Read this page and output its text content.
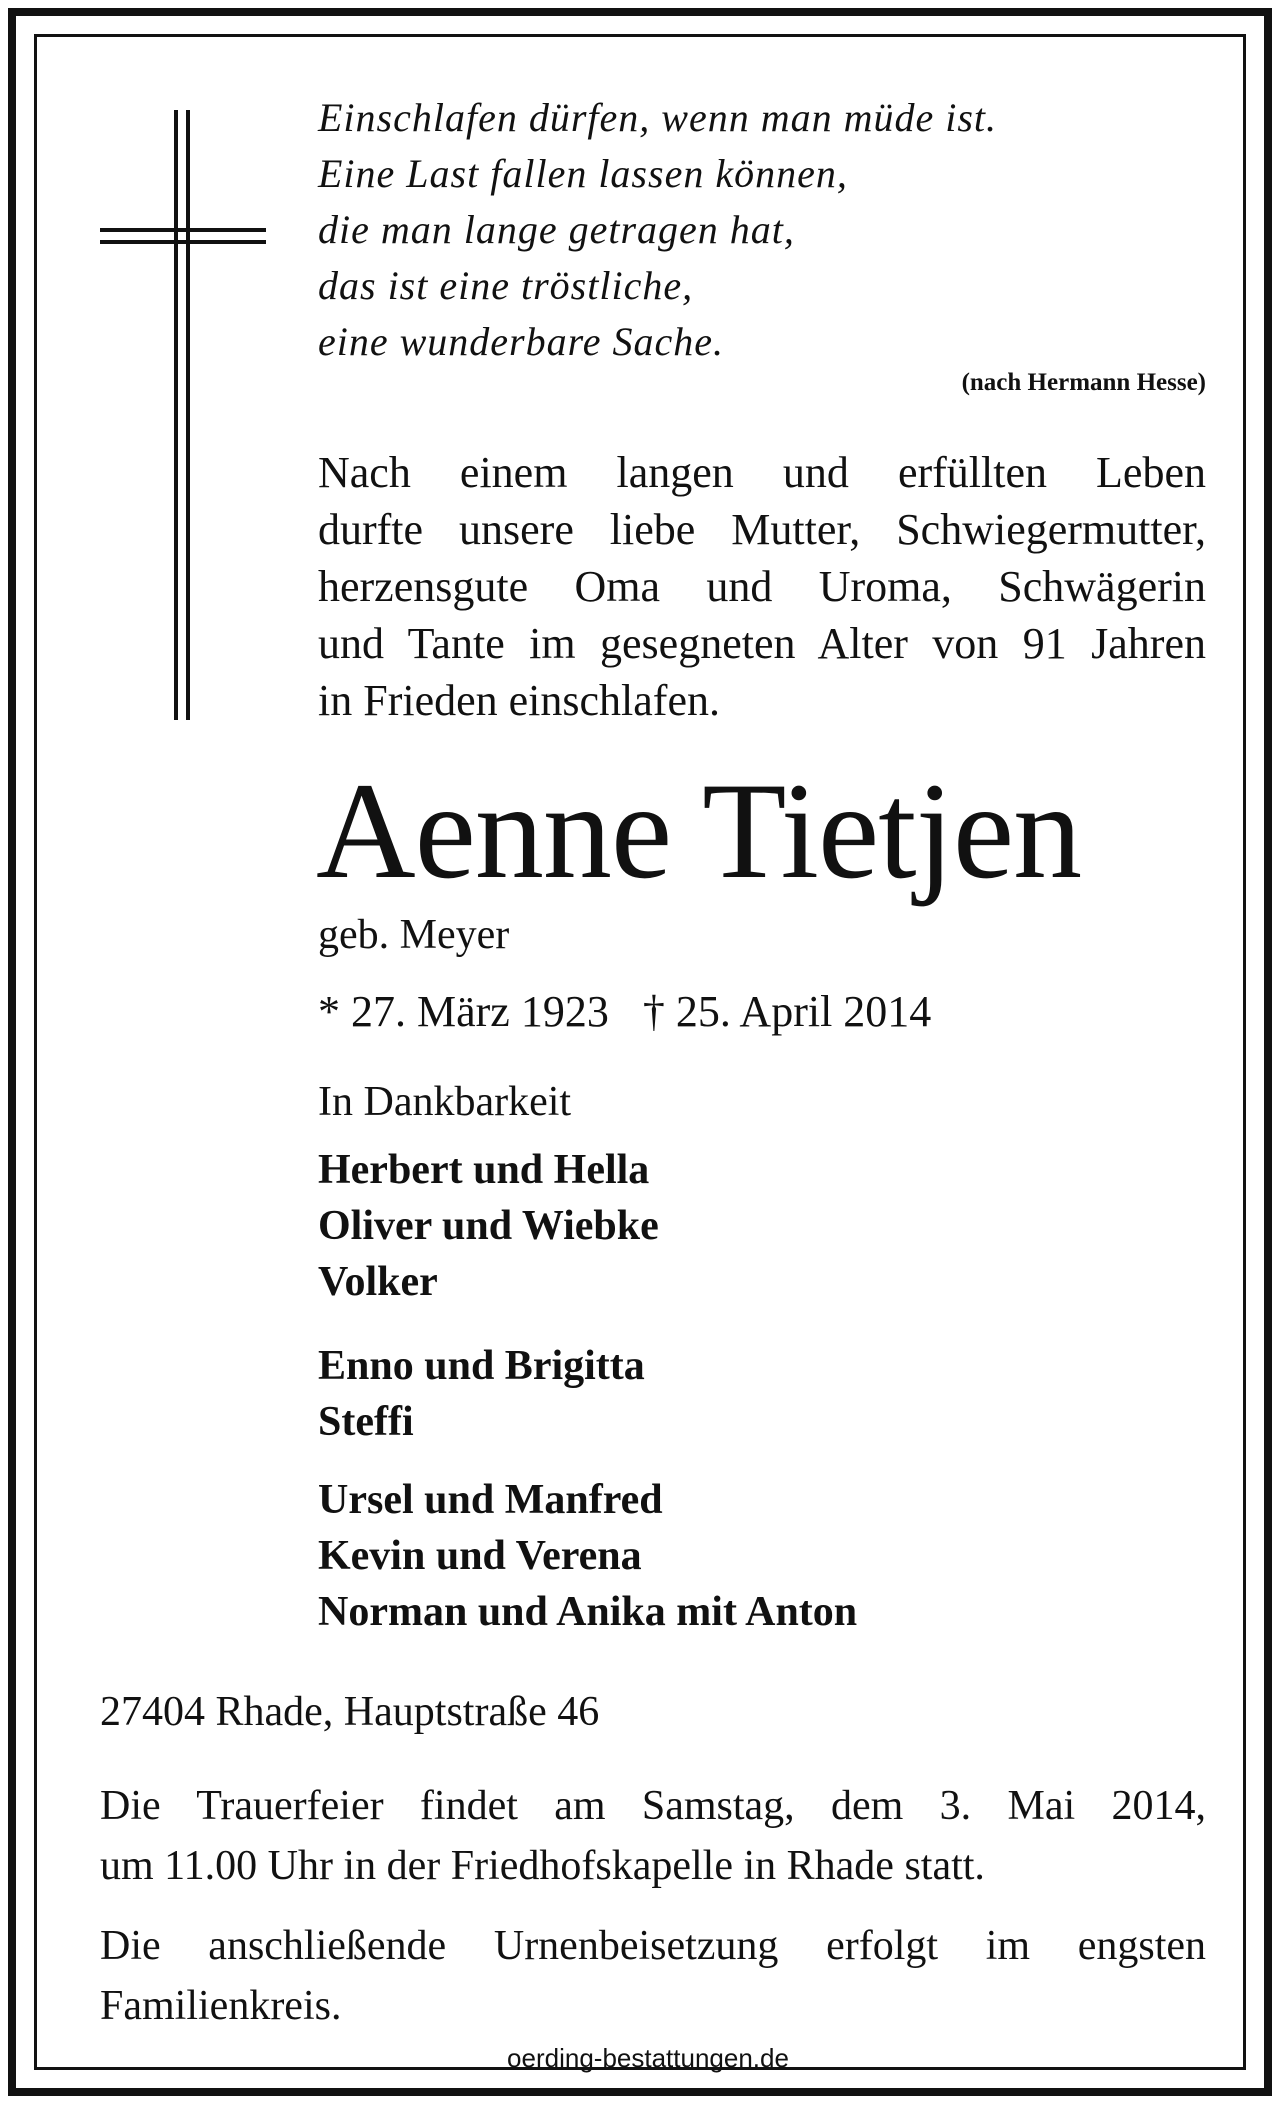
Einschlafen dürfen, wenn man müde ist.
Eine Last fallen lassen können,
die man lange getragen hat,
das ist eine tröstliche,
eine wunderbare Sache.
(nach Hermann Hesse)
Nach einem langen und erfüllten Leben
durfte unsere liebe Mutter, Schwiegermutter,
herzensgute Oma und Uroma, Schwägerin
und Tante im gesegneten Alter von 91 Jahren
in Frieden einschlafen.
Aenne Tietjen
geb. Meyer
* 27. März 1923 † 25. April 2014
In Dankbarkeit
Herbert und Hella
Oliver und Wiebke
Volker
Enno und Brigitta
Steffi
Ursel und Manfred
Kevin und Verena
Norman und Anika mit Anton
27404 Rhade, Hauptstraße 46
Die Trauerfeier findet am Samstag, dem 3. Mai 2014,
um 11.00 Uhr in der Friedhofskapelle in Rhade statt.
Die anschließende Urnenbeisetzung erfolgt im engsten
Familienkreis.
oerding-bestattungen.de
